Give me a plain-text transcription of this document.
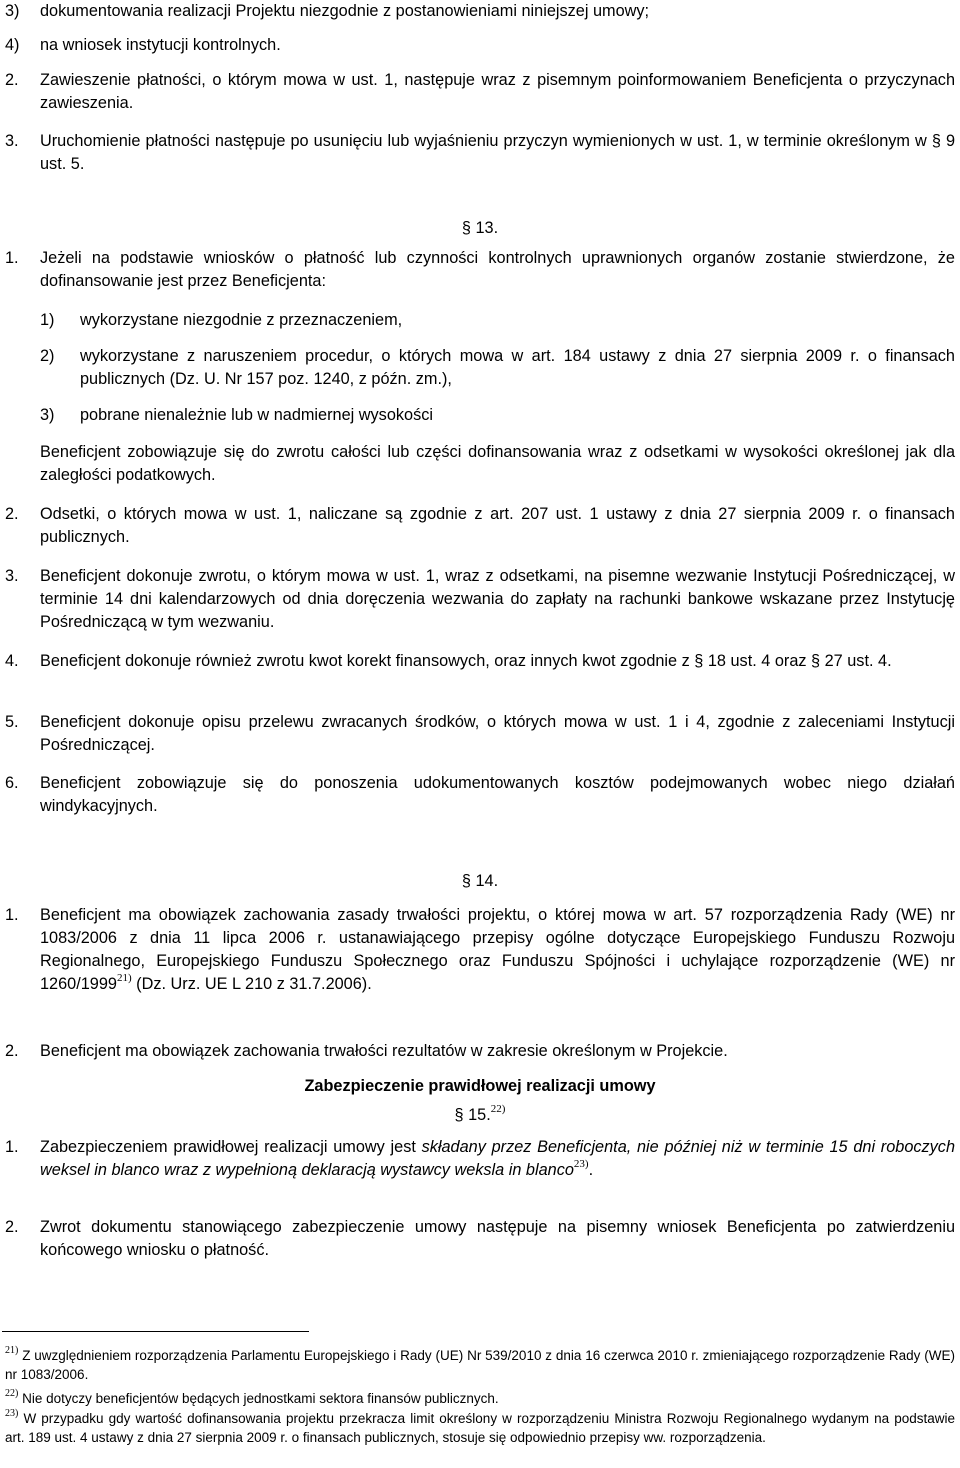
3)	dokumentowania realizacji Projektu niezgodnie z postanowieniami niniejszej umowy;
4)	na wniosek instytucji kontrolnych.
2. Zawieszenie płatności, o którym mowa w ust. 1, następuje wraz z pisemnym poinformowaniem Beneficjenta o przyczynach zawieszenia.
3. Uruchomienie płatności następuje po usunięciu lub wyjaśnieniu przyczyn wymienionych w ust. 1, w terminie określonym w § 9 ust. 5.
§ 13.
1. Jeżeli na podstawie wniosków o płatność lub czynności kontrolnych uprawnionych organów zostanie stwierdzone, że dofinansowanie jest przez Beneficjenta:
1) wykorzystane niezgodnie z przeznaczeniem,
2) wykorzystane z naruszeniem procedur, o których mowa w art. 184 ustawy z dnia 27 sierpnia 2009 r. o finansach publicznych (Dz. U. Nr 157 poz. 1240, z późn. zm.),
3) pobrane nienależnie lub w nadmiernej wysokości
Beneficjent zobowiązuje się do zwrotu całości lub części dofinansowania wraz z odsetkami w wysokości określonej jak dla zaległości podatkowych.
2. Odsetki, o których mowa w ust. 1, naliczane są zgodnie z art. 207 ust. 1 ustawy z dnia 27 sierpnia 2009 r. o finansach publicznych.
3. Beneficjent dokonuje zwrotu, o którym mowa w ust. 1, wraz z odsetkami, na pisemne wezwanie Instytucji Pośredniczącej, w terminie 14 dni kalendarzowych od dnia doręczenia wezwania do zapłaty na rachunki bankowe wskazane przez Instytucję Pośredniczącą w tym wezwaniu.
4. Beneficjent dokonuje również zwrotu kwot korekt finansowych, oraz innych kwot zgodnie z § 18 ust. 4 oraz § 27 ust. 4.
5. Beneficjent dokonuje opisu przelewu zwracanych środków, o których mowa w ust. 1 i 4, zgodnie z zaleceniami Instytucji Pośredniczącej.
6. Beneficjent zobowiązuje się do ponoszenia udokumentowanych kosztów podejmowanych wobec niego działań windykacyjnych.
§ 14.
1. Beneficjent ma obowiązek zachowania zasady trwałości projektu, o której mowa w art. 57 rozporządzenia Rady (WE) nr 1083/2006 z dnia 11 lipca 2006 r. ustanawiającego przepisy ogólne dotyczące Europejskiego Funduszu Rozwoju Regionalnego, Europejskiego Funduszu Społecznego oraz Funduszu Spójności i uchylające rozporządzenie (WE) nr 1260/1999$^{21)}$ (Dz. Urz. UE L 210 z 31.7.2006).
2. Beneficjent ma obowiązek zachowania trwałości rezultatów w zakresie określonym w Projekcie.
Zabezpieczenie prawidłowej realizacji umowy
§ 15.$^{22)}$
1. Zabezpieczeniem prawidłowej realizacji umowy jest składany przez Beneficjenta, nie później niż w terminie 15 dni roboczych weksel in blanco wraz z wypełnioną deklaracją wystawcy weksla in blanco$^{23)}$.
2. Zwrot dokumentu stanowiącego zabezpieczenie umowy następuje na pisemny wniosek Beneficjenta po zatwierdzeniu końcowego wniosku o płatność.
$^{21)}$ Z uwzględnieniem rozporządzenia Parlamentu Europejskiego i Rady (UE) Nr 539/2010 z dnia 16 czerwca 2010 r. zmieniającego rozporządzenie Rady (WE) nr 1083/2006.
$^{22)}$ Nie dotyczy beneficjentów będących jednostkami sektora finansów publicznych.
$^{23)}$ W przypadku gdy wartość dofinansowania projektu przekracza limit określony w rozporządzeniu Ministra Rozwoju Regionalnego wydanym na podstawie art. 189 ust. 4 ustawy z dnia 27 sierpnia 2009 r. o finansach publicznych, stosuje się odpowiednio przepisy ww. rozporządzenia.
